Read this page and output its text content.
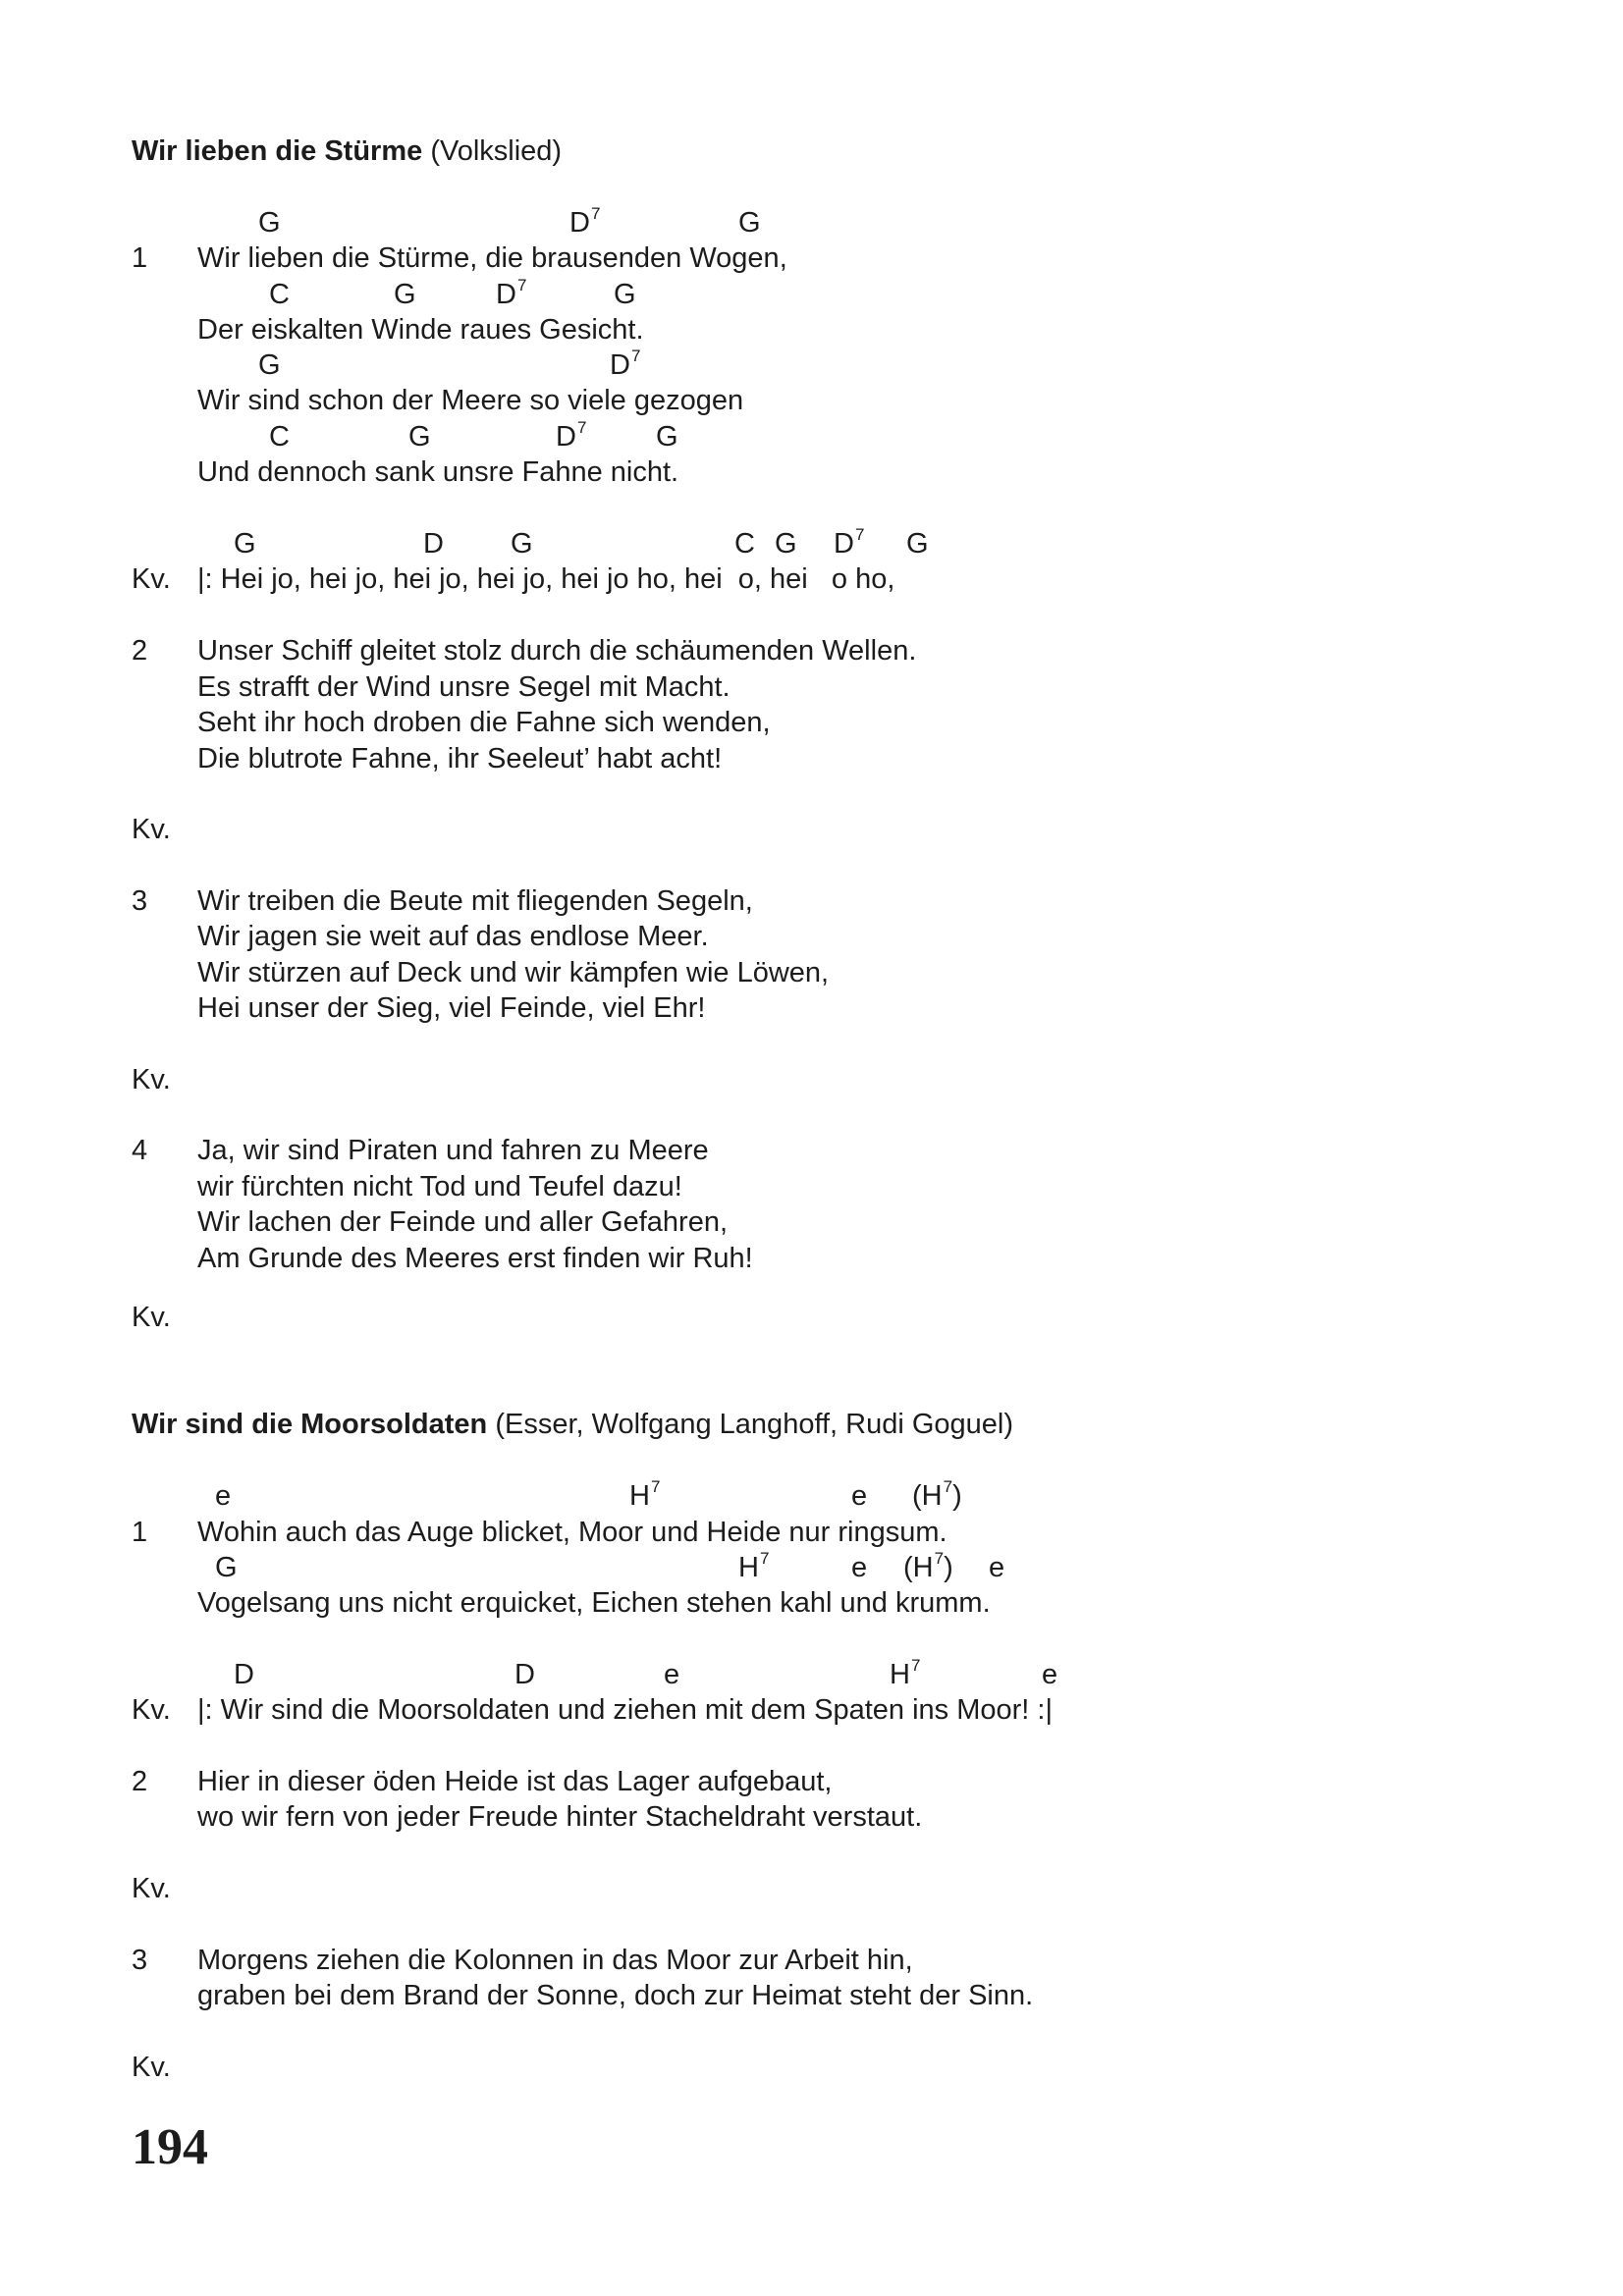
Wir lieben die Stürme (Volkslied)
G	$D^7$	G
1 Wir lieben die Stürme, die brausenden Wogen,
C	G	$D^7$	G
Der eiskalten Winde raues Gesicht.
G	$D^7$
Wir sind schon der Meere so viele gezogen
C	G	$D^7$ G
Und dennoch sank unsre Fahne nicht.
G	D G	C G $D^7$ G
Kv. |: Hei jo, hei jo, hei jo, hei jo, hei jo ho, hei  o, hei   o ho,
2 Unser Schiff gleitet stolz durch die schäumenden Wellen.
Es strafft der Wind unsre Segel mit Macht.
Seht ihr hoch droben die Fahne sich wenden,
Die blutrote Fahne, ihr Seeleut’ habt acht!
Kv.
3 Wir treiben die Beute mit fliegenden Segeln,
Wir jagen sie weit auf das endlose Meer.
Wir stürzen auf Deck und wir kämpfen wie Löwen,
Hei unser der Sieg, viel Feinde, viel Ehr!
Kv.
4 Ja, wir sind Piraten und fahren zu Meere
wir fürchten nicht Tod und Teufel dazu!
Wir lachen der Feinde und aller Gefahren,
Am Grunde des Meeres erst finden wir Ruh!
Kv.
Wir sind die Moorsoldaten (Esser, Wolfgang Langhoff, Rudi Goguel)
e	$H^7$	e $(H^7)$
1 Wohin auch das Auge blicket, Moor und Heide nur ringsum.
G	$H^7$	e $(H^7)$ e
Vogelsang uns nicht erquicket, Eichen stehen kahl und krumm.
D	D	e	$H^7$	e
Kv. |: Wir sind die Moorsoldaten und ziehen mit dem Spaten ins Moor! :|
2 Hier in dieser öden Heide ist das Lager aufgebaut,
wo wir fern von jeder Freude hinter Stacheldraht verstaut.
Kv.
3 Morgens ziehen die Kolonnen in das Moor zur Arbeit hin,
graben bei dem Brand der Sonne, doch zur Heimat steht der Sinn.
Kv.
194
